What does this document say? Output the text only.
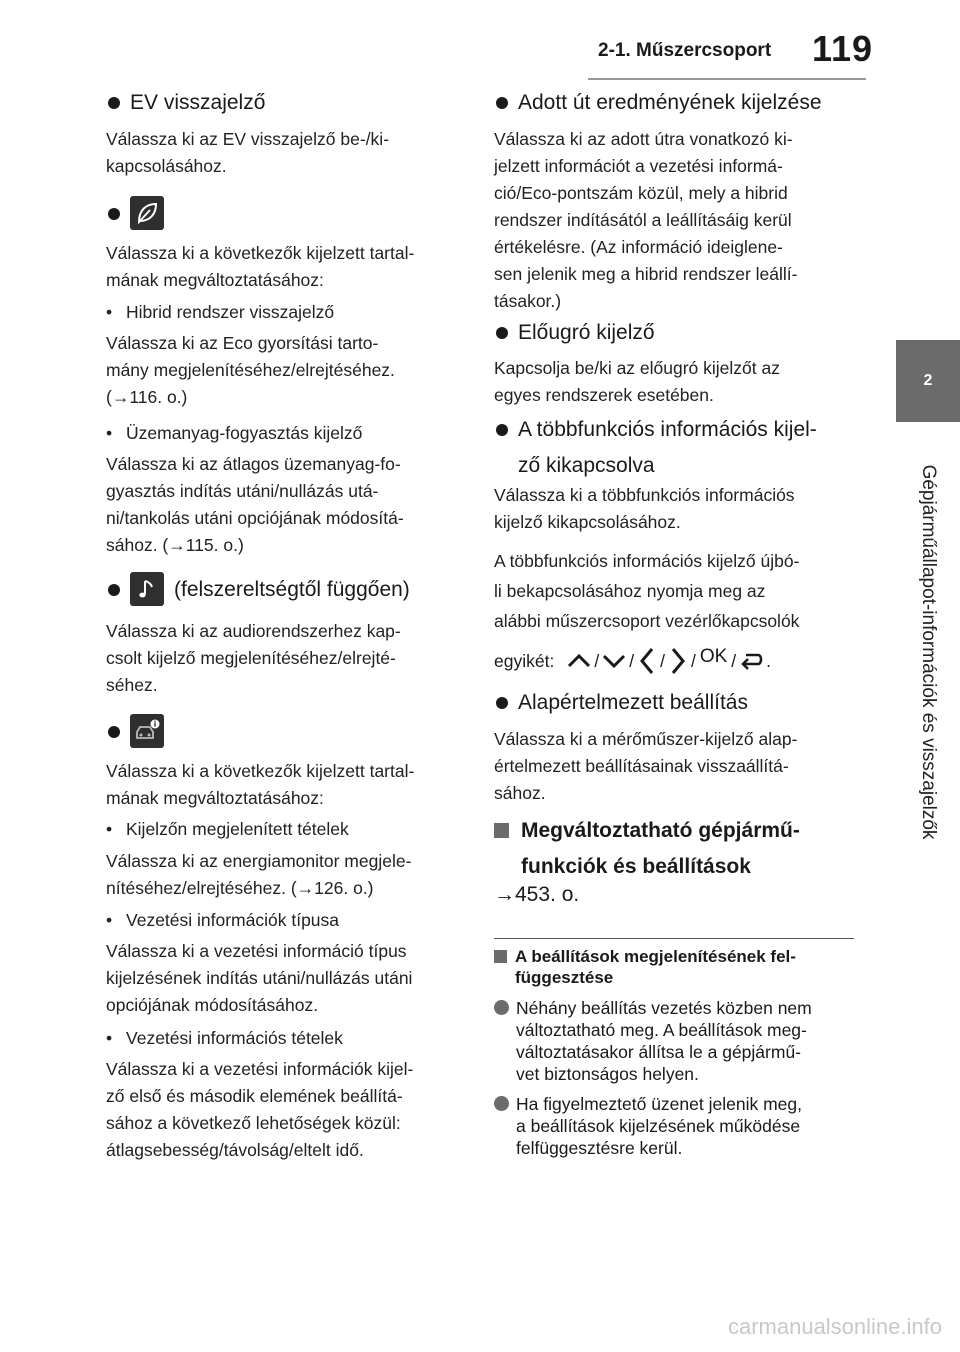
2-1. Műszercsoport 119
2
Gépjárműállapot-információk és visszajelzők
EV visszajelző
Válassza ki az EV visszajelző be-/ki-
kapcsolásához.
Válassza ki a következők kijelzett tartal-
mának megváltoztatásához:
• Hibrid rendszer visszajelző
Válassza ki az Eco gyorsítási tarto-
mány megjelenítéséhez/elrejtéséhez.
(→116. o.)
• Üzemanyag-fogyasztás kijelző
Válassza ki az átlagos üzemanyag-fo-
gyasztás indítás utáni/nullázás utá-
ni/tankolás utáni opciójának módosítá-
sához. (→115. o.)
(felszereltségtől függően)
Válassza ki az audiorendszerhez kap-
csolt kijelző megjelenítéséhez/elrejté-
séhez.
Válassza ki a következők kijelzett tartal-
mának megváltoztatásához:
• Kijelzőn megjelenített tételek
Válassza ki az energiamonitor megjele-
nítéséhez/elrejtéséhez. (→126. o.)
• Vezetési információk típusa
Válassza ki a vezetési információ típus
kijelzésének indítás utáni/nullázás utáni
opciójának módosításához.
• Vezetési információs tételek
Válassza ki a vezetési információk kijel-
ző első és második elemének beállítá-
sához a következő lehetőségek közül:
átlagsebesség/távolság/eltelt idő.
Adott út eredményének kijelzése
Válassza ki az adott útra vonatkozó ki-
jelzett információt a vezetési informá-
ció/Eco-pontszám közül, mely a hibrid
rendszer indításától a leállításáig kerül
értékelésre. (Az információ ideiglene-
sen jelenik meg a hibrid rendszer leállí-
tásakor.)
Előugró kijelző
Kapcsolja be/ki az előugró kijelzőt az
egyes rendszerek esetében.
A többfunkciós információs kijel-
ző kikapcsolva
Válassza ki a többfunkciós információs
kijelző kikapcsolásához.
A többfunkciós információs kijelző újbó-
li bekapcsolásához nyomja meg az
alábbi műszercsoport vezérlőkapcsolók
egyikét: / / / / OK / .
Alapértelmezett beállítás
Válassza ki a mérőműszer-kijelző alap-
értelmezett beállításainak visszaállítá-
sához.
Megváltoztatható gépjármű-
funkciók és beállítások
→453. o.
A beállítások megjelenítésének fel-
függesztése
Néhány beállítás vezetés közben nem
változtatható meg. A beállítások meg-
változtatásakor állítsa le a gépjármű-
vet biztonságos helyen.
Ha figyelmeztető üzenet jelenik meg,
a beállítások kijelzésének működése
felfüggesztésre kerül.
carmanualsonline.info
